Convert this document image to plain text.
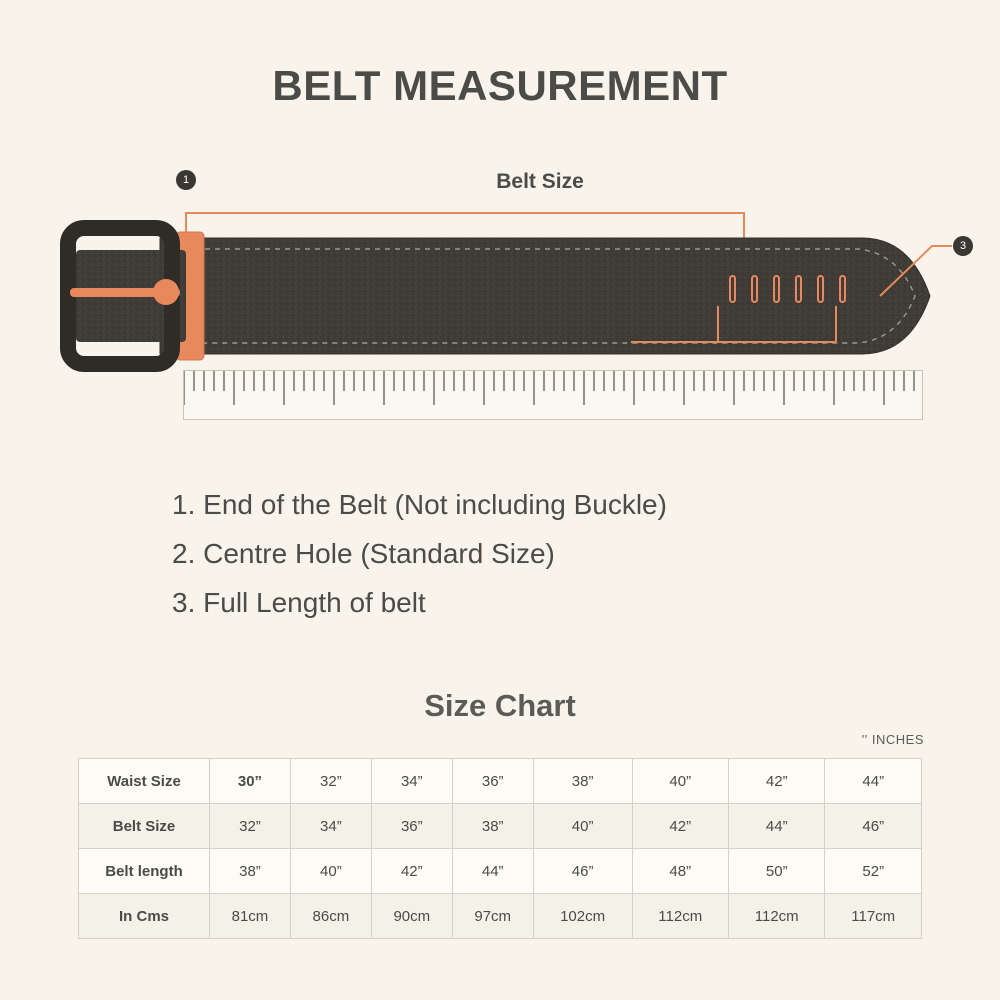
BELT MEASUREMENT
Belt Size
1
3
1. End of the Belt (Not including Buckle)
2. Centre Hole (Standard Size)
3. Full Length of belt
Size Chart
'' INCHES
Waist Size	30”	32”	34”	36”	38”	40”	42”	44”
Belt Size	32”	34”	36”	38”	40”	42”	44”	46”
Belt length	38”	40”	42”	44”	46”	48”	50”	52”
In Cms	81cm	86cm	90cm	97cm	102cm	112cm	112cm	117cm
